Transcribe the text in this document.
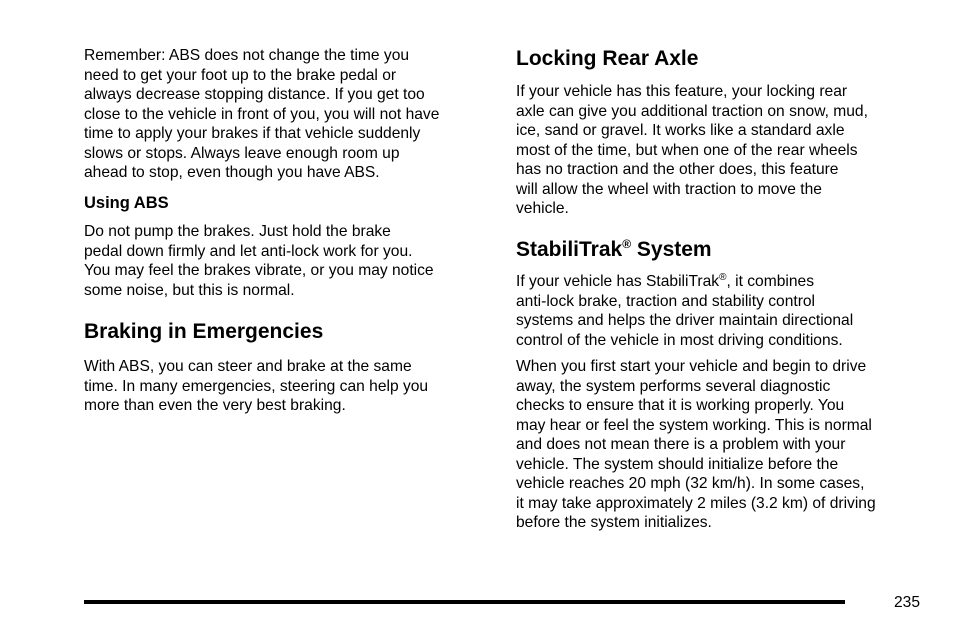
Remember: ABS does not change the time you
need to get your foot up to the brake pedal or
always decrease stopping distance. If you get too
close to the vehicle in front of you, you will not have
time to apply your brakes if that vehicle suddenly
slows or stops. Always leave enough room up
ahead to stop, even though you have ABS.

Using ABS

Do not pump the brakes. Just hold the brake
pedal down firmly and let anti-lock work for you.
You may feel the brakes vibrate, or you may notice
some noise, but this is normal.

Braking in Emergencies

With ABS, you can steer and brake at the same
time. In many emergencies, steering can help you
more than even the very best braking.

Locking Rear Axle

If your vehicle has this feature, your locking rear
axle can give you additional traction on snow, mud,
ice, sand or gravel. It works like a standard axle
most of the time, but when one of the rear wheels
has no traction and the other does, this feature
will allow the wheel with traction to move the
vehicle.

StabiliTrak® System

If your vehicle has StabiliTrak®, it combines
anti-lock brake, traction and stability control
systems and helps the driver maintain directional
control of the vehicle in most driving conditions.

When you first start your vehicle and begin to drive
away, the system performs several diagnostic
checks to ensure that it is working properly. You
may hear or feel the system working. This is normal
and does not mean there is a problem with your
vehicle. The system should initialize before the
vehicle reaches 20 mph (32 km/h). In some cases,
it may take approximately 2 miles (3.2 km) of driving
before the system initializes.

235
